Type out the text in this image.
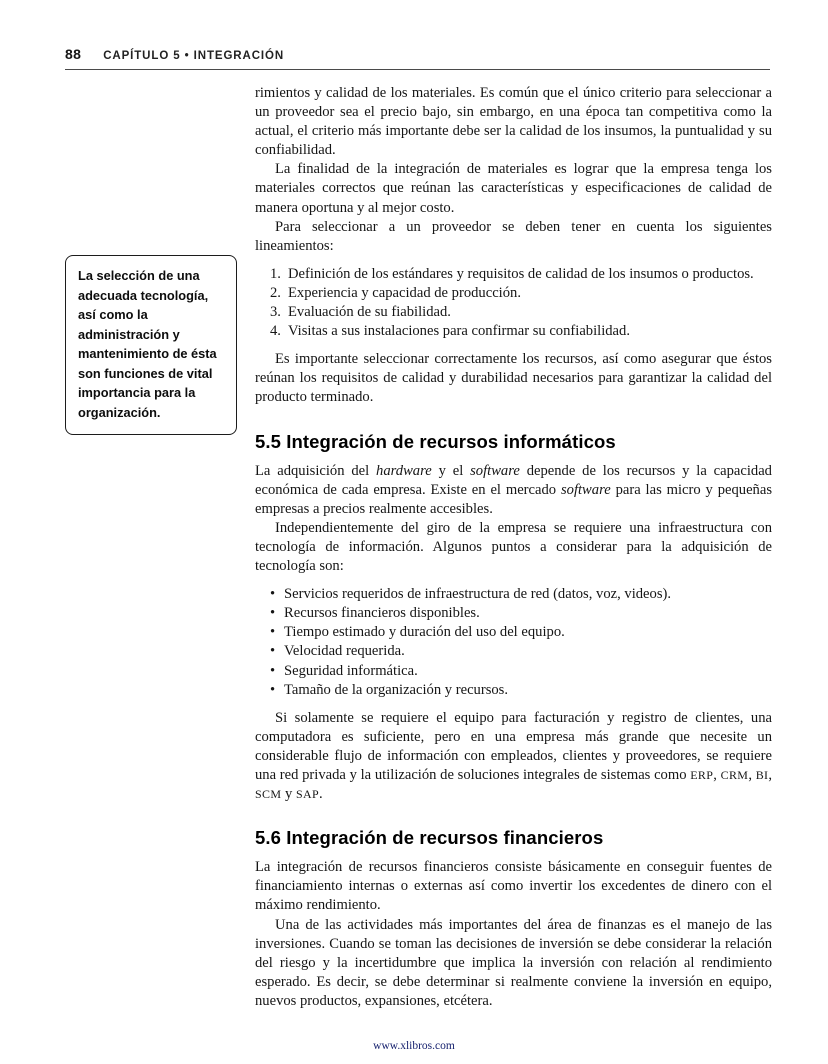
88 CAPÍTULO 5 • INTEGRACIÓN

La selección de una adecuada tecnología, así como la administración y mantenimiento de ésta son funciones de vital importancia para la organización.

rimientos y calidad de los materiales. Es común que el único criterio para seleccionar a un proveedor sea el precio bajo, sin embargo, en una época tan competitiva como la actual, el criterio más importante debe ser la calidad de los insumos, la puntualidad y su confiabilidad.

La finalidad de la integración de materiales es lograr que la empresa tenga los materiales correctos que reúnan las características y especificaciones de calidad de manera oportuna y al mejor costo.

Para seleccionar a un proveedor se deben tener en cuenta los siguientes lineamientos:

1. Definición de los estándares y requisitos de calidad de los insumos o productos.
2. Experiencia y capacidad de producción.
3. Evaluación de su fiabilidad.
4. Visitas a sus instalaciones para confirmar su confiabilidad.

Es importante seleccionar correctamente los recursos, así como asegurar que éstos reúnan los requisitos de calidad y durabilidad necesarios para garantizar la calidad del producto terminado.

5.5 Integración de recursos informáticos

La adquisición del hardware y el software depende de los recursos y la capacidad económica de cada empresa. Existe en el mercado software para las micro y pequeñas empresas a precios realmente accesibles.

Independientemente del giro de la empresa se requiere una infraestructura con tecnología de información. Algunos puntos a considerar para la adquisición de tecnología son:

• Servicios requeridos de infraestructura de red (datos, voz, videos).
• Recursos financieros disponibles.
• Tiempo estimado y duración del uso del equipo.
• Velocidad requerida.
• Seguridad informática.
• Tamaño de la organización y recursos.

Si solamente se requiere el equipo para facturación y registro de clientes, una computadora es suficiente, pero en una empresa más grande que necesite un considerable flujo de información con empleados, clientes y proveedores, se requiere una red privada y la utilización de soluciones integrales de sistemas como ERP, CRM, BI, SCM y SAP.

5.6 Integración de recursos financieros

La integración de recursos financieros consiste básicamente en conseguir fuentes de financiamiento internas o externas así como invertir los excedentes de dinero con el máximo rendimiento.

Una de las actividades más importantes del área de finanzas es el manejo de las inversiones. Cuando se toman las decisiones de inversión se debe considerar la relación del riesgo y la incertidumbre que implica la inversión con relación al rendimiento esperado. Es decir, se debe determinar si realmente conviene la inversión en equipo, nuevos productos, expansiones, etcétera.

www.xlibros.com
